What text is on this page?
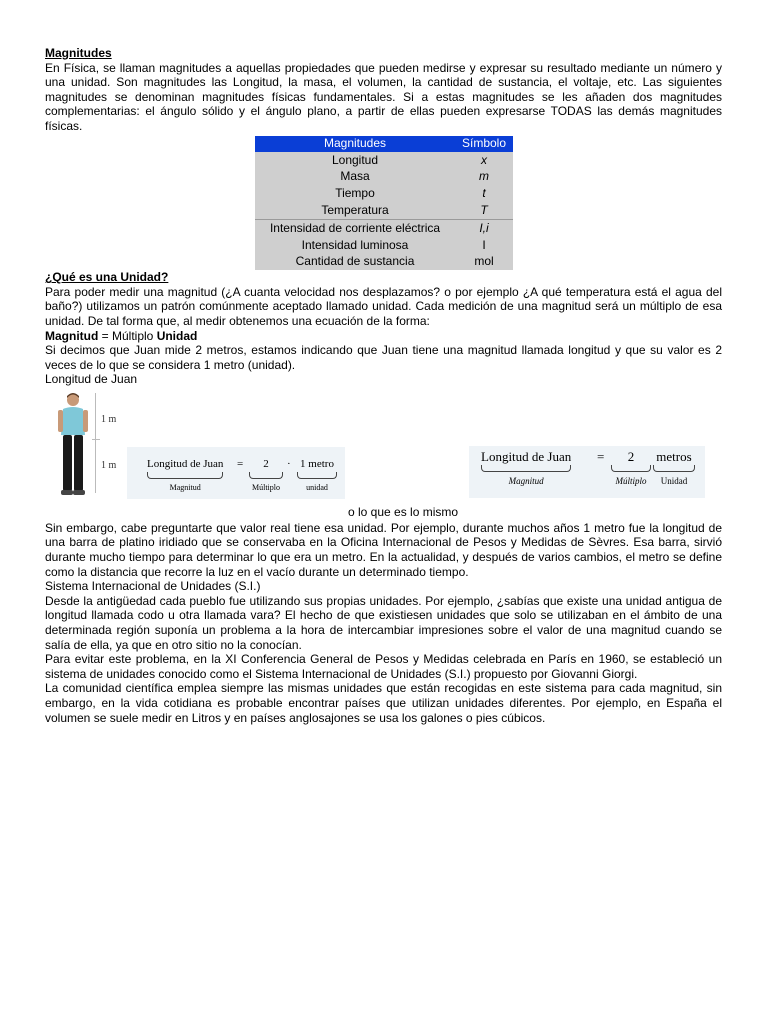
Magnitudes

En Física, se llaman magnitudes a aquellas propiedades que pueden medirse y expresar su resultado mediante un número y una unidad. Son magnitudes las Longitud, la masa, el volumen, la cantidad de sustancia, el voltaje, etc. Las siguientes magnitudes se denominan magnitudes físicas fundamentales. Si a estas magnitudes se les añaden dos magnitudes complementarias: el ángulo sólido y el ángulo plano, a partir de ellas pueden expresarse TODAS las demás magnitudes físicas.

Magnitudes	Símbolo
Longitud	x
Masa	m
Tiempo	t
Temperatura	T
Intensidad de corriente eléctrica	I,i
Intensidad luminosa	I
Cantidad de sustancia	mol
¿Qué es una Unidad?

Para poder medir una magnitud (¿A cuanta velocidad nos desplazamos? o por ejemplo ¿A qué temperatura está el agua del baño?) utilizamos un patrón comúnmente aceptado llamado unidad. Cada medición de una magnitud será un múltiplo de esa unidad. De tal forma que, al medir obtenemos una ecuación de la forma:

Magnitud = Múltiplo Unidad

Si decimos que Juan mide 2 metros, estamos indicando que Juan tiene una magnitud llamada longitud y que su valor es 2 veces de lo que se considera 1 metro (unidad).

Longitud de Juan

1 m
1 m	Longitud de Juan
Magnitud
=	2
Múltiplo
· 1 metro
unidad
o lo que es lo mismo
Longitud de Juan
Magnitud
=	2
Múltiplo
metros
Unidad

Sin embargo, cabe preguntarte que valor real tiene esa unidad. Por ejemplo, durante muchos años 1 metro fue la longitud de una barra de platino iridiado que se conservaba en la Oficina Internacional de Pesos y Medidas de Sèvres. Esa barra, sirvió durante mucho tiempo para determinar lo que era un metro. En la actualidad, y después de varios cambios, el metro se define como la distancia que recorre la luz en el vacío durante un determinado tiempo.

Sistema Internacional de Unidades (S.I.)

Desde la antigüedad cada pueblo fue utilizando sus propias unidades. Por ejemplo, ¿sabías que existe una unidad antigua de longitud llamada codo u otra llamada vara? El hecho de que existiesen unidades que solo se utilizaban en el ámbito de una determinada región suponía un problema a la hora de intercambiar impresiones sobre el valor de una magnitud cuando se salía de ella, ya que en otro sitio no la conocían.

Para evitar este problema, en la XI Conferencia General de Pesos y Medidas celebrada en París en 1960, se estableció un sistema de unidades conocido como el Sistema Internacional de Unidades (S.I.) propuesto por Giovanni Giorgi.

La comunidad científica emplea siempre las mismas unidades que están recogidas en este sistema para cada magnitud, sin embargo, en la vida cotidiana es probable encontrar países que utilizan unidades diferentes. Por ejemplo, en España el volumen se suele medir en Litros y en países anglosajones se usa los galones o pies cúbicos.
